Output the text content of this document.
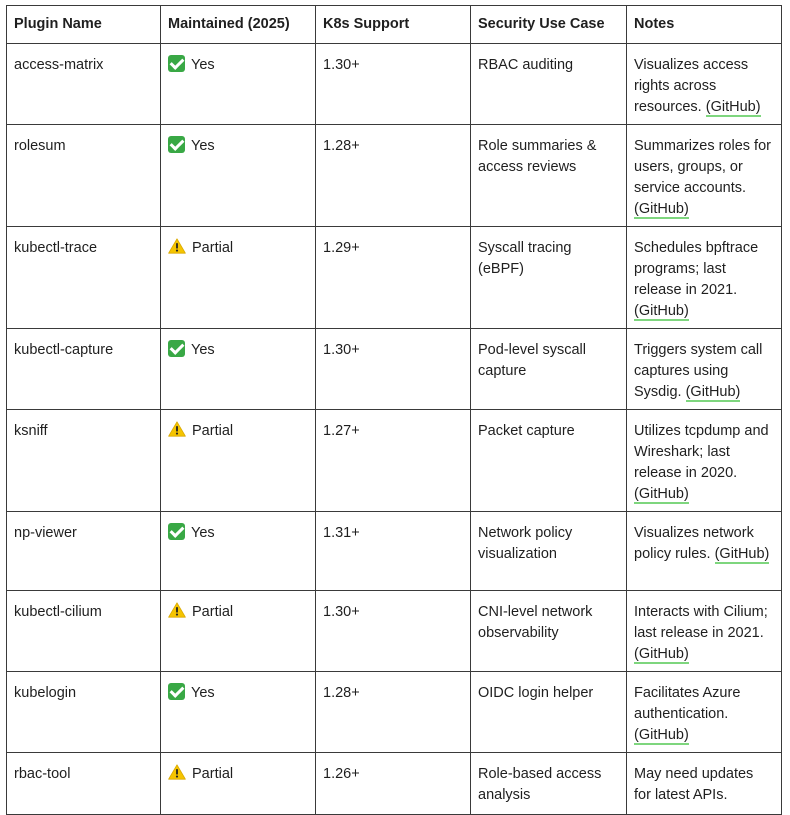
Plugin Name	Maintained (2025)	K8s Support	Security Use Case	Notes
access-matrix	Yes	1.30+	RBAC auditing	Visualizes access rights across resources. (GitHub)
rolesum	Yes	1.28+	Role summaries & access reviews	Summarizes roles for users, groups, or service accounts. (GitHub)
kubectl-trace	Partial	1.29+	Syscall tracing (eBPF)	Schedules bpftrace programs; last release in 2021. (GitHub)
kubectl-capture	Yes	1.30+	Pod-level syscall capture	Triggers system call captures using Sysdig. (GitHub)
ksniff	Partial	1.27+	Packet capture	Utilizes tcpdump and Wireshark; last release in 2020. (GitHub)
np-viewer	Yes	1.31+	Network policy visualization	Visualizes network policy rules. (GitHub)
kubectl-cilium	Partial	1.30+	CNI-level network observability	Interacts with Cilium; last release in 2021. (GitHub)
kubelogin	Yes	1.28+	OIDC login helper	Facilitates Azure authentication. (GitHub)
rbac-tool	Partial	1.26+	Role-based access analysis	May need updates for latest APIs.
